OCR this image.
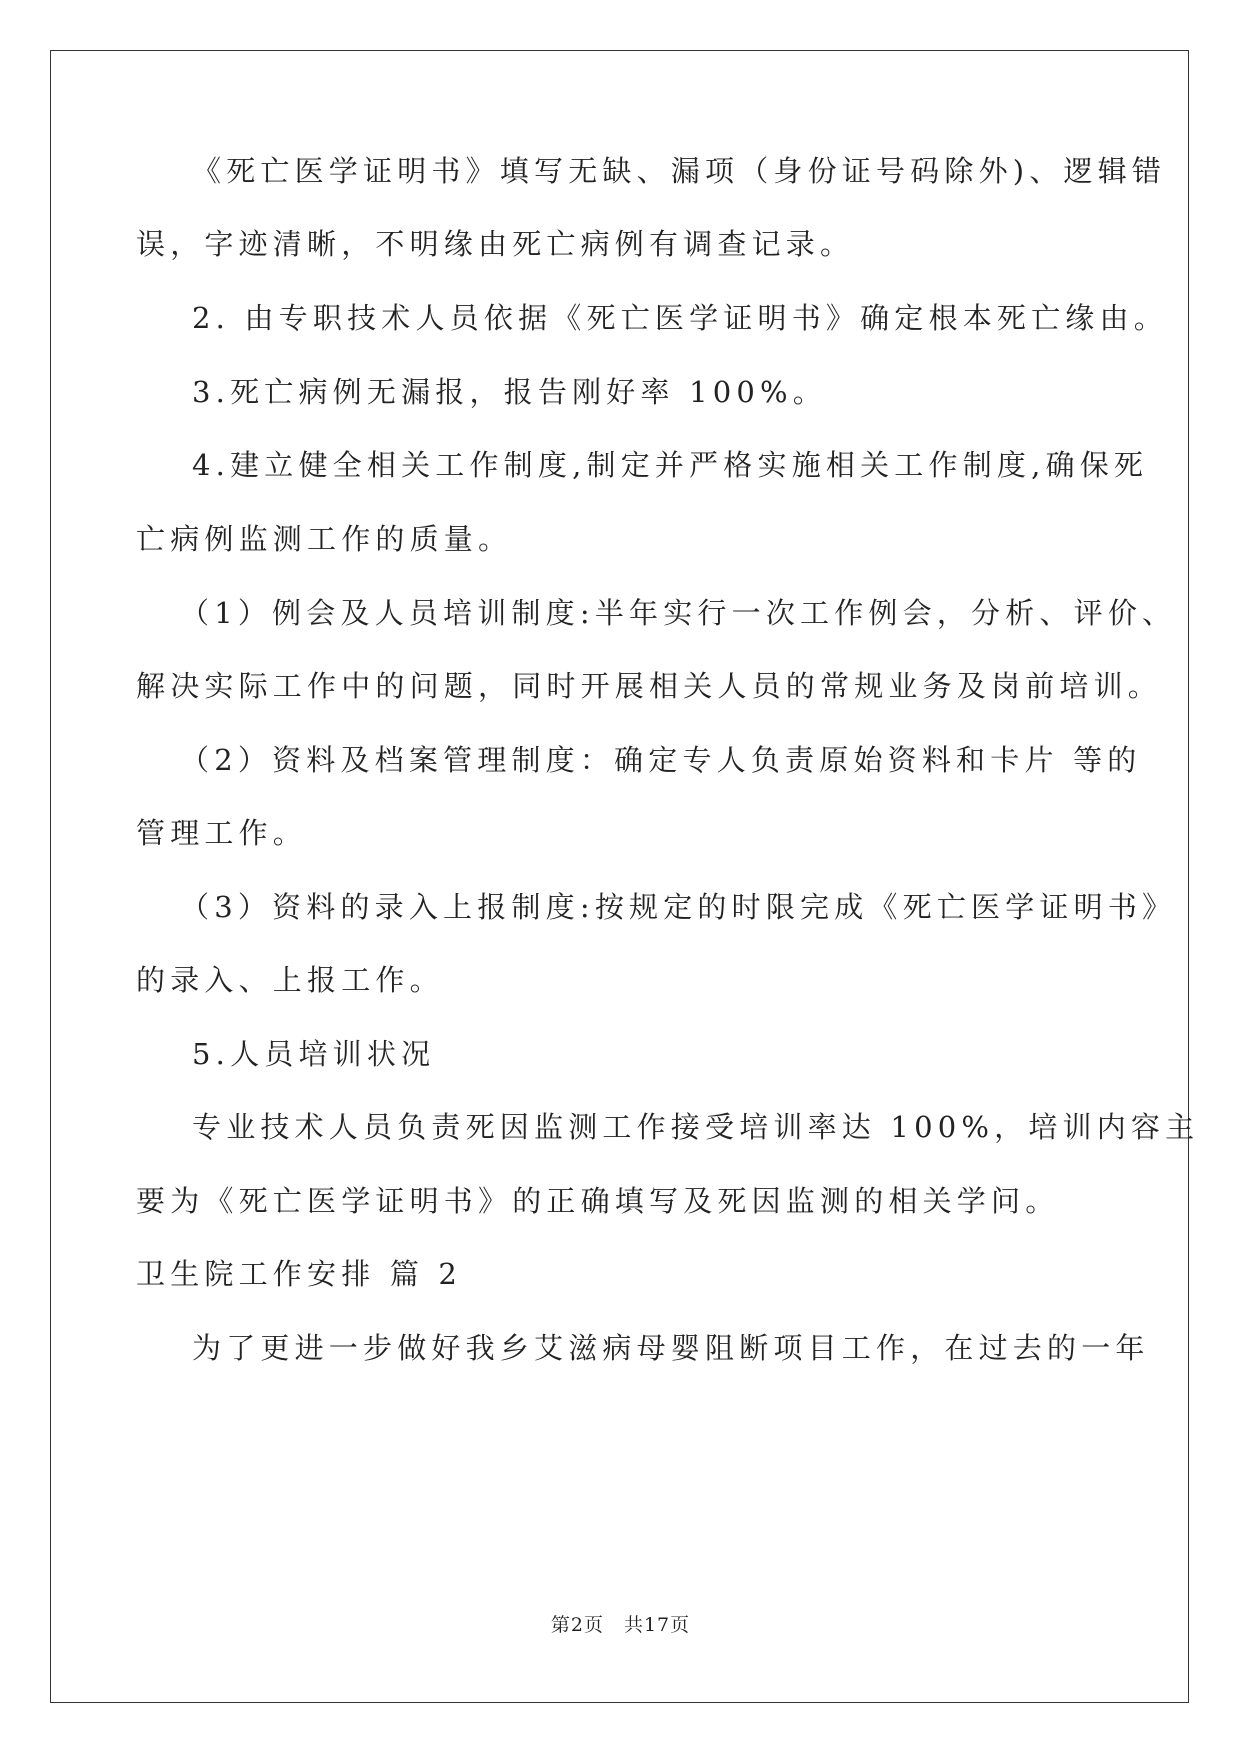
《死亡医学证明书》填写无缺、漏项（身份证号码除外)、逻辑错
误，字迹清晰，不明缘由死亡病例有调查记录。
2. 由专职技术人员依据《死亡医学证明书》确定根本死亡缘由。
3.死亡病例无漏报，报告刚好率 100%。
4.建立健全相关工作制度,制定并严格实施相关工作制度,确保死
亡病例监测工作的质量。
（1）例会及人员培训制度:半年实行一次工作例会，分析、评价、
解决实际工作中的问题，同时开展相关人员的常规业务及岗前培训。
（2）资料及档案管理制度：确定专人负责原始资料和卡片 等的
管理工作。
（3）资料的录入上报制度:按规定的时限完成《死亡医学证明书》
的录入、上报工作。
5.人员培训状况
专业技术人员负责死因监测工作接受培训率达 100%，培训内容主
要为《死亡医学证明书》的正确填写及死因监测的相关学问。
卫生院工作安排 篇 2
为了更进一步做好我乡艾滋病母婴阻断项目工作，在过去的一年
第2页　共17页
